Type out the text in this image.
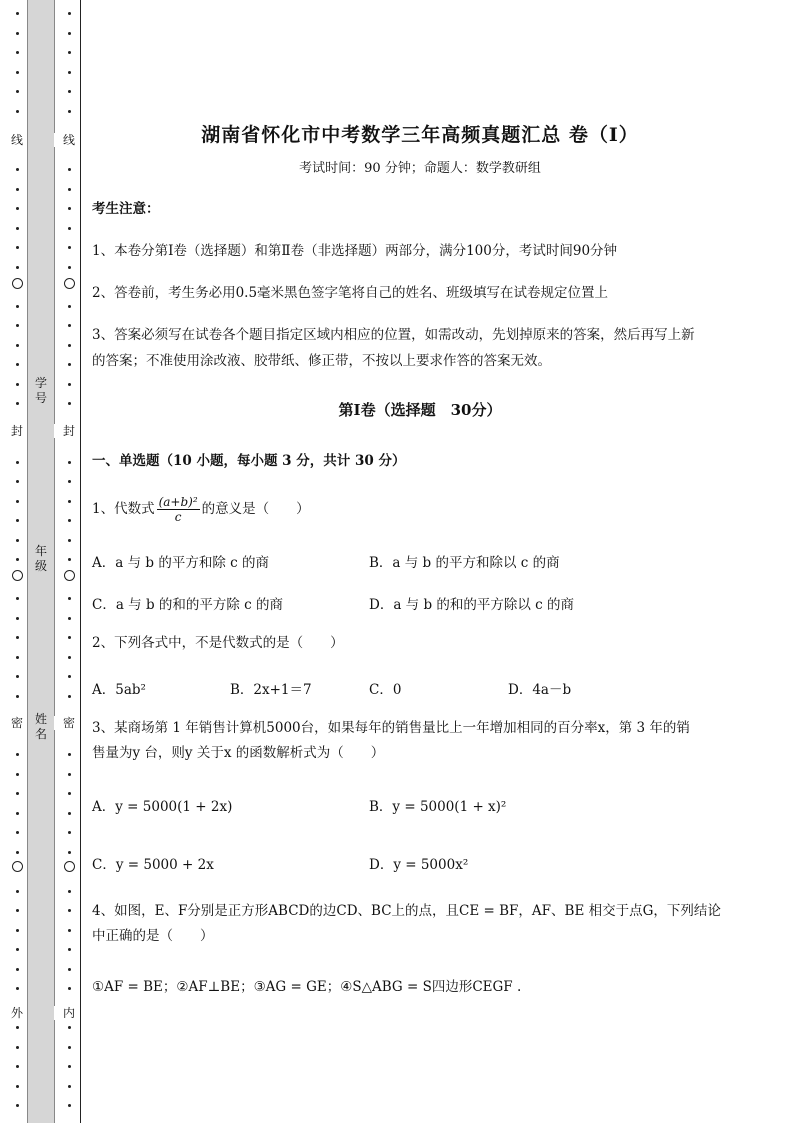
线
封
密
外
学号
年级
姓名
线
封
密
内
湖南省怀化市中考数学三年高频真题汇总 卷（Ⅰ）
考试时间：90 分钟；命题人：数学教研组
考生注意：
1、本卷分第Ⅰ卷（选择题）和第Ⅱ卷（非选择题）两部分，满分100分，考试时间90分钟
2、答卷前，考生务必用0.5毫米黑色签字笔将自己的姓名、班级填写在试卷规定位置上
3、答案必须写在试卷各个题目指定区域内相应的位置，如需改动，先划掉原来的答案，然后再写上新
的答案；不准使用涂改液、胶带纸、修正带，不按以上要求作答的答案无效。
第Ⅰ卷（选择题　30分）
一、单选题（10 小题，每小题 3 分，共计 30 分）
1、代数式 $\frac{\text{(a+b)²}}{c}$ 的意义是（　　）
A．a 与 b 的平方和除 c 的商	B．a 与 b 的平方和除以 c 的商
C．a 与 b 的和的平方除 c 的商	D．a 与 b 的和的平方除以 c 的商
2、下列各式中，不是代数式的是（　　）
A．5ab²	B．2x+1＝7	C．0	D．4a－b
3、某商场第 1 年销售计算机5000台，如果每年的销售量比上一年增加相同的百分率x，第 3 年的销
售量为y 台，则y 关于x 的函数解析式为（　　）
A．y = 5000(1 + 2x)	B．y = 5000(1 + x)²
C．y = 5000 + 2x	D．y = 5000x²
4、如图，E、F分别是正方形ABCD的边CD、BC上的点，且CE = BF，AF、BE 相交于点G，下列结论
中正确的是（　　）
①AF = BE；②AF⊥BE；③AG = GE；④S△ABG = S四边形CEGF .
